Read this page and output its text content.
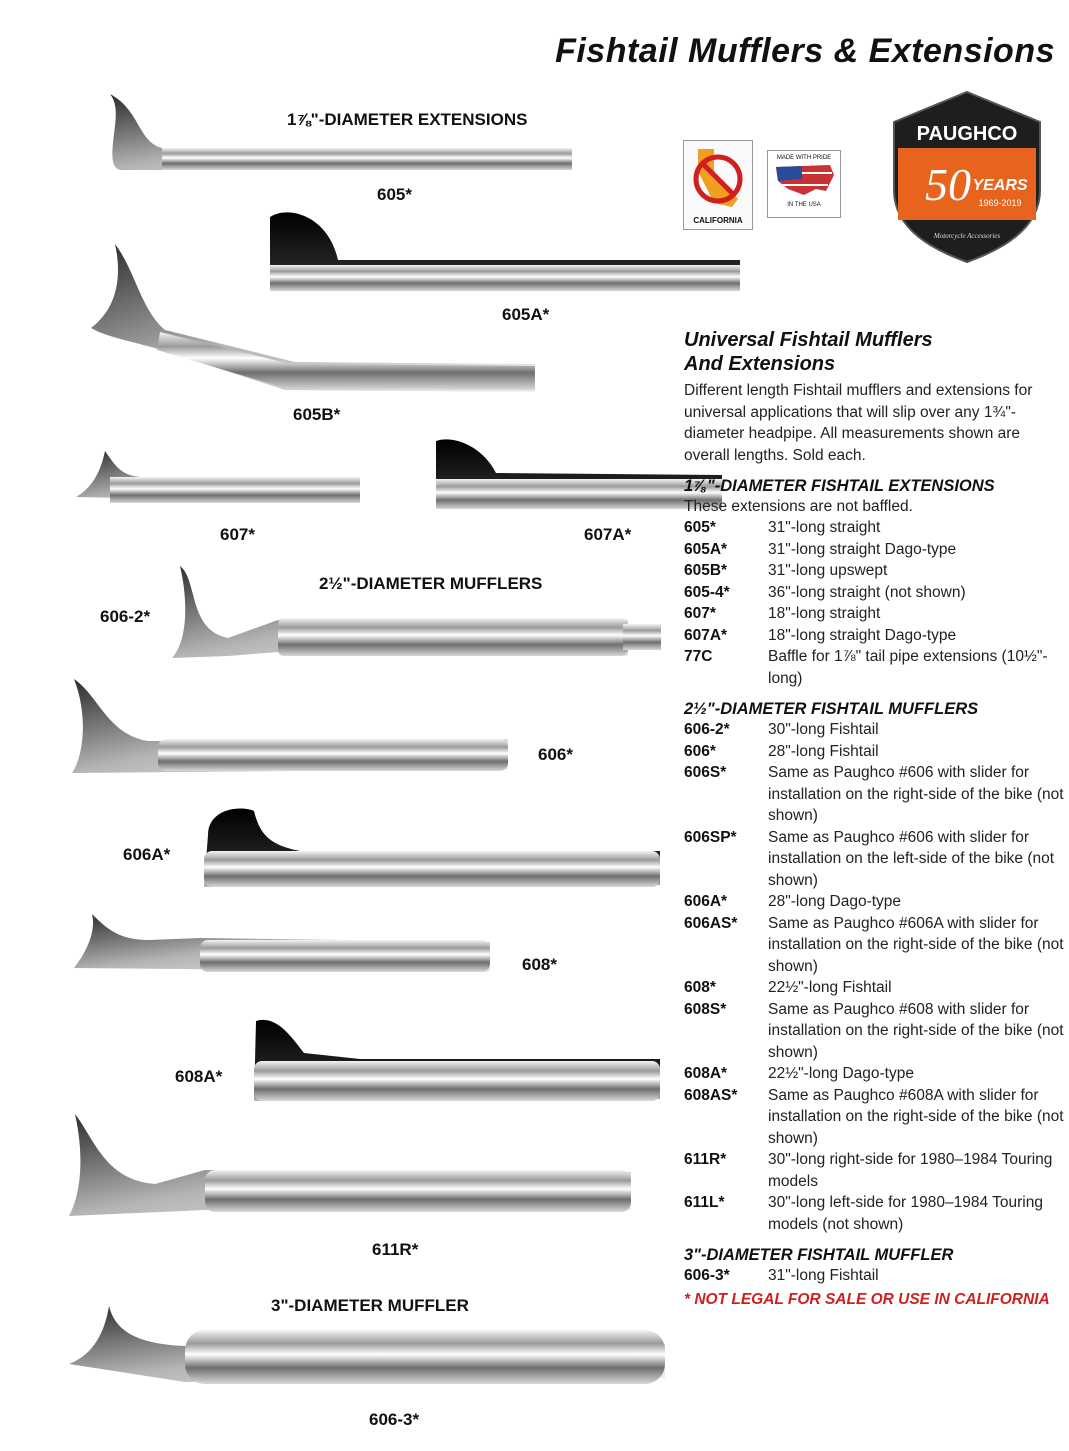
Fishtail Mufflers & Extensions
1⅞"-DIAMETER EXTENSIONS
605*
605A*
605B*
607*	607A*
2½"-DIAMETER MUFFLERS
606-2*
606*
606A*
608*
608A*
611R*
3"-DIAMETER MUFFLER
606-3*
CALIFORNIA
MADE WITH PRIDE
IN THE USA
PAUGHCO
50 YEARS
1969-2019
Motorcycle Accessories
Universal Fishtail Mufflers
And Extensions
Different length Fishtail mufflers and extensions for universal applications that will slip over any 1¾"-diameter headpipe. All measurements shown are overall lengths. Sold each.
1⅞"-DIAMETER FISHTAIL EXTENSIONS
These extensions are not baffled.
605*	31"-long straight
605A*	31"-long straight Dago-type
605B*	31"-long upswept
605-4*	36"-long straight (not shown)
607*	18"-long straight
607A*	18"-long straight Dago-type
77C	Baffle for 1⅞" tail pipe extensions (10½"-long)
2½"-DIAMETER FISHTAIL MUFFLERS
606-2*	30"-long Fishtail
606*	28"-long Fishtail
606S*	Same as Paughco #606 with slider for installation on the right-side of the bike (not shown)
606SP*	Same as Paughco #606 with slider for installation on the left-side of the bike (not shown)
606A*	28"-long Dago-type
606AS*	Same as Paughco #606A with slider for installation on the right-side of the bike (not shown)
608*	22½"-long Fishtail
608S*	Same as Paughco #608 with slider for installation on the right-side of the bike (not shown)
608A*	22½"-long Dago-type
608AS*	Same as Paughco #608A with slider for installation on the right-side of the bike (not shown)
611R*	30"-long right-side for 1980–1984 Touring models
611L*	30"-long left-side for 1980–1984 Touring models (not shown)
3"-DIAMETER FISHTAIL MUFFLER
606-3*	31"-long Fishtail
* NOT LEGAL FOR SALE OR USE IN CALIFORNIA
